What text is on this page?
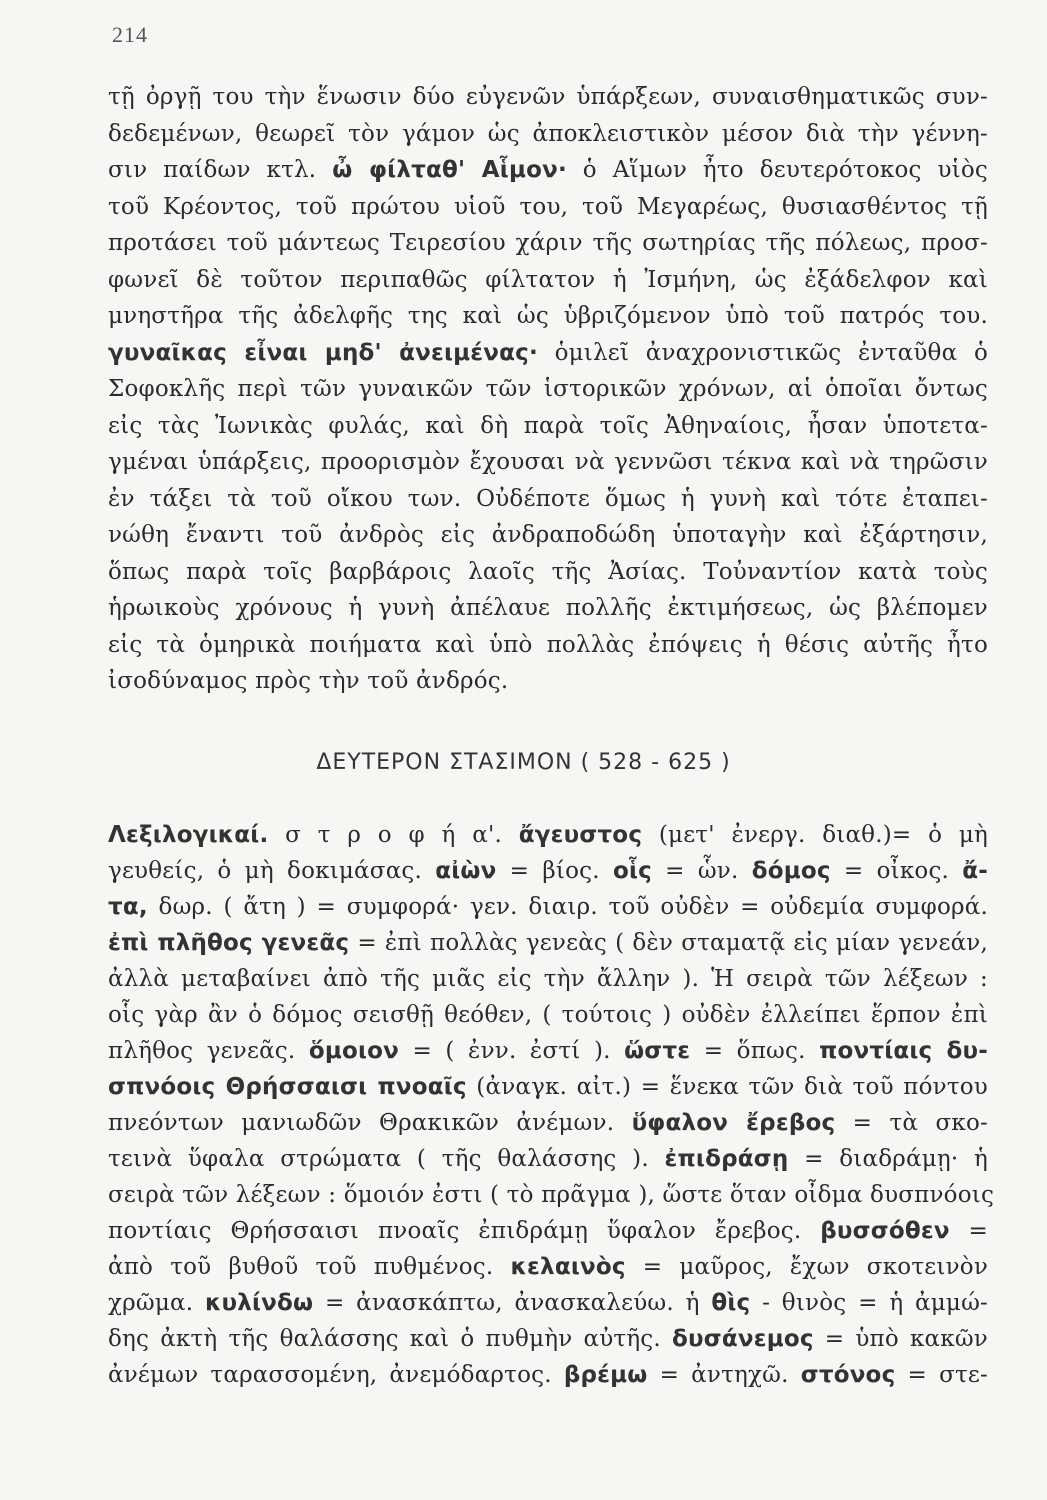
214
τῇ ὀργῇ του τὴν ἕνωσιν δύο εὐγενῶν ὑπάρξεων, συναισθηματικῶς συν-
δεδεμένων, θεωρεῖ τὸν γάμον ὡς ἀποκλειστικὸν μέσον διὰ τὴν γέννη-
σιν παίδων κτλ. ὦ φίλταθ' Αἷμον· ὁ Αἵμων ἦτο δευτερότοκος υἱὸς
τοῦ Κρέοντος, τοῦ πρώτου υἱοῦ του, τοῦ Μεγαρέως, θυσιασθέντος τῇ
προτάσει τοῦ μάντεως Τειρεσίου χάριν τῆς σωτηρίας τῆς πόλεως, προσ-
φωνεῖ δὲ τοῦτον περιπαθῶς φίλτατον ἡ Ἰσμήνη, ὡς ἐξάδελφον καὶ
μνηστῆρα τῆς ἀδελφῆς της καὶ ὡς ὑβριζόμενον ὑπὸ τοῦ πατρός του.
γυναῖκας εἶναι μηδ' ἀνειμένας· ὁμιλεῖ ἀναχρονιστικῶς ἐνταῦθα ὁ
Σοφοκλῆς περὶ τῶν γυναικῶν τῶν ἱστορικῶν χρόνων, αἱ ὁποῖαι ὄντως
εἰς τὰς Ἰωνικὰς φυλάς, καὶ δὴ παρὰ τοῖς Ἀθηναίοις, ἦσαν ὑποτετα-
γμέναι ὑπάρξεις, προορισμὸν ἔχουσαι νὰ γεννῶσι τέκνα καὶ νὰ τηρῶσιν
ἐν τάξει τὰ τοῦ οἴκου των. Οὐδέποτε ὅμως ἡ γυνὴ καὶ τότε ἐταπει-
νώθη ἔναντι τοῦ ἀνδρὸς εἰς ἀνδραποδώδη ὑποταγὴν καὶ ἐξάρτησιν,
ὅπως παρὰ τοῖς βαρβάροις λαοῖς τῆς Ἀσίας. Τοὐναντίον κατὰ τοὺς
ἡρωικοὺς χρόνους ἡ γυνὴ ἀπέλαυε πολλῆς ἐκτιμήσεως, ὡς βλέπομεν
εἰς τὰ ὁμηρικὰ ποιήματα καὶ ὑπὸ πολλὰς ἐπόψεις ἡ θέσις αὐτῆς ἦτο
ἰσοδύναμος πρὸς τὴν τοῦ ἀνδρός.
ΔΕΥΤΕΡΟΝ ΣΤΑΣΙΜΟΝ ( 528 - 625 )
Λεξιλογικαί. σ τ ρ ο φ ή α'. ἄγευστος (μετ' ἐνεργ. διαθ.)= ὁ μὴ
γευθείς, ὁ μὴ δοκιμάσας. αἰὼν = βίος. οἷς = ὧν. δόμος = οἶκος. ἄ-
τα, δωρ. ( ἄτη ) = συμφορά· γεν. διαιρ. τοῦ οὐδὲν = οὐδεμία συμφορά.
ἐπὶ πλῆθος γενεᾶς = ἐπὶ πολλὰς γενεὰς ( δὲν σταματᾷ εἰς μίαν γενεάν,
ἀλλὰ μεταβαίνει ἀπὸ τῆς μιᾶς εἰς τὴν ἄλλην ). Ἡ σειρὰ τῶν λέξεων :
οἷς γὰρ ἂν ὁ δόμος σεισθῇ θεόθεν, ( τούτοις ) οὐδὲν ἐλλείπει ἕρπον ἐπὶ
πλῆθος γενεᾶς. ὅμοιον = ( ἐνν. ἐστί ). ὥστε = ὅπως. ποντίαις δυ-
σπνόοις Θρήσσαισι πνοαῖς (ἀναγκ. αἰτ.) = ἕνεκα τῶν διὰ τοῦ πόντου
πνεόντων μανιωδῶν Θρακικῶν ἀνέμων. ὕφαλον ἔρεβος = τὰ σκο-
τεινὰ ὕφαλα στρώματα ( τῆς θαλάσσης ). ἐπιδράσῃ = διαδράμῃ· ἡ
σειρὰ τῶν λέξεων : ὅμοιόν ἐστι ( τὸ πρᾶγμα ), ὥστε ὅταν οἶδμα δυσπνόοις
ποντίαις Θρήσσαισι πνοαῖς ἐπιδράμῃ ὕφαλον ἔρεβος. βυσσόθεν =
ἀπὸ τοῦ βυθοῦ τοῦ πυθμένος. κελαινὸς = μαῦρος, ἔχων σκοτεινὸν
χρῶμα. κυλίνδω = ἀνασκάπτω, ἀνασκαλεύω. ἡ θὶς - θινὸς = ἡ ἀμμώ-
δης ἀκτὴ τῆς θαλάσσης καὶ ὁ πυθμὴν αὐτῆς. δυσάνεμος = ὑπὸ κακῶν
ἀνέμων ταρασσομένη, ἀνεμόδαρτος. βρέμω = ἀντηχῶ. στόνος = στε-
